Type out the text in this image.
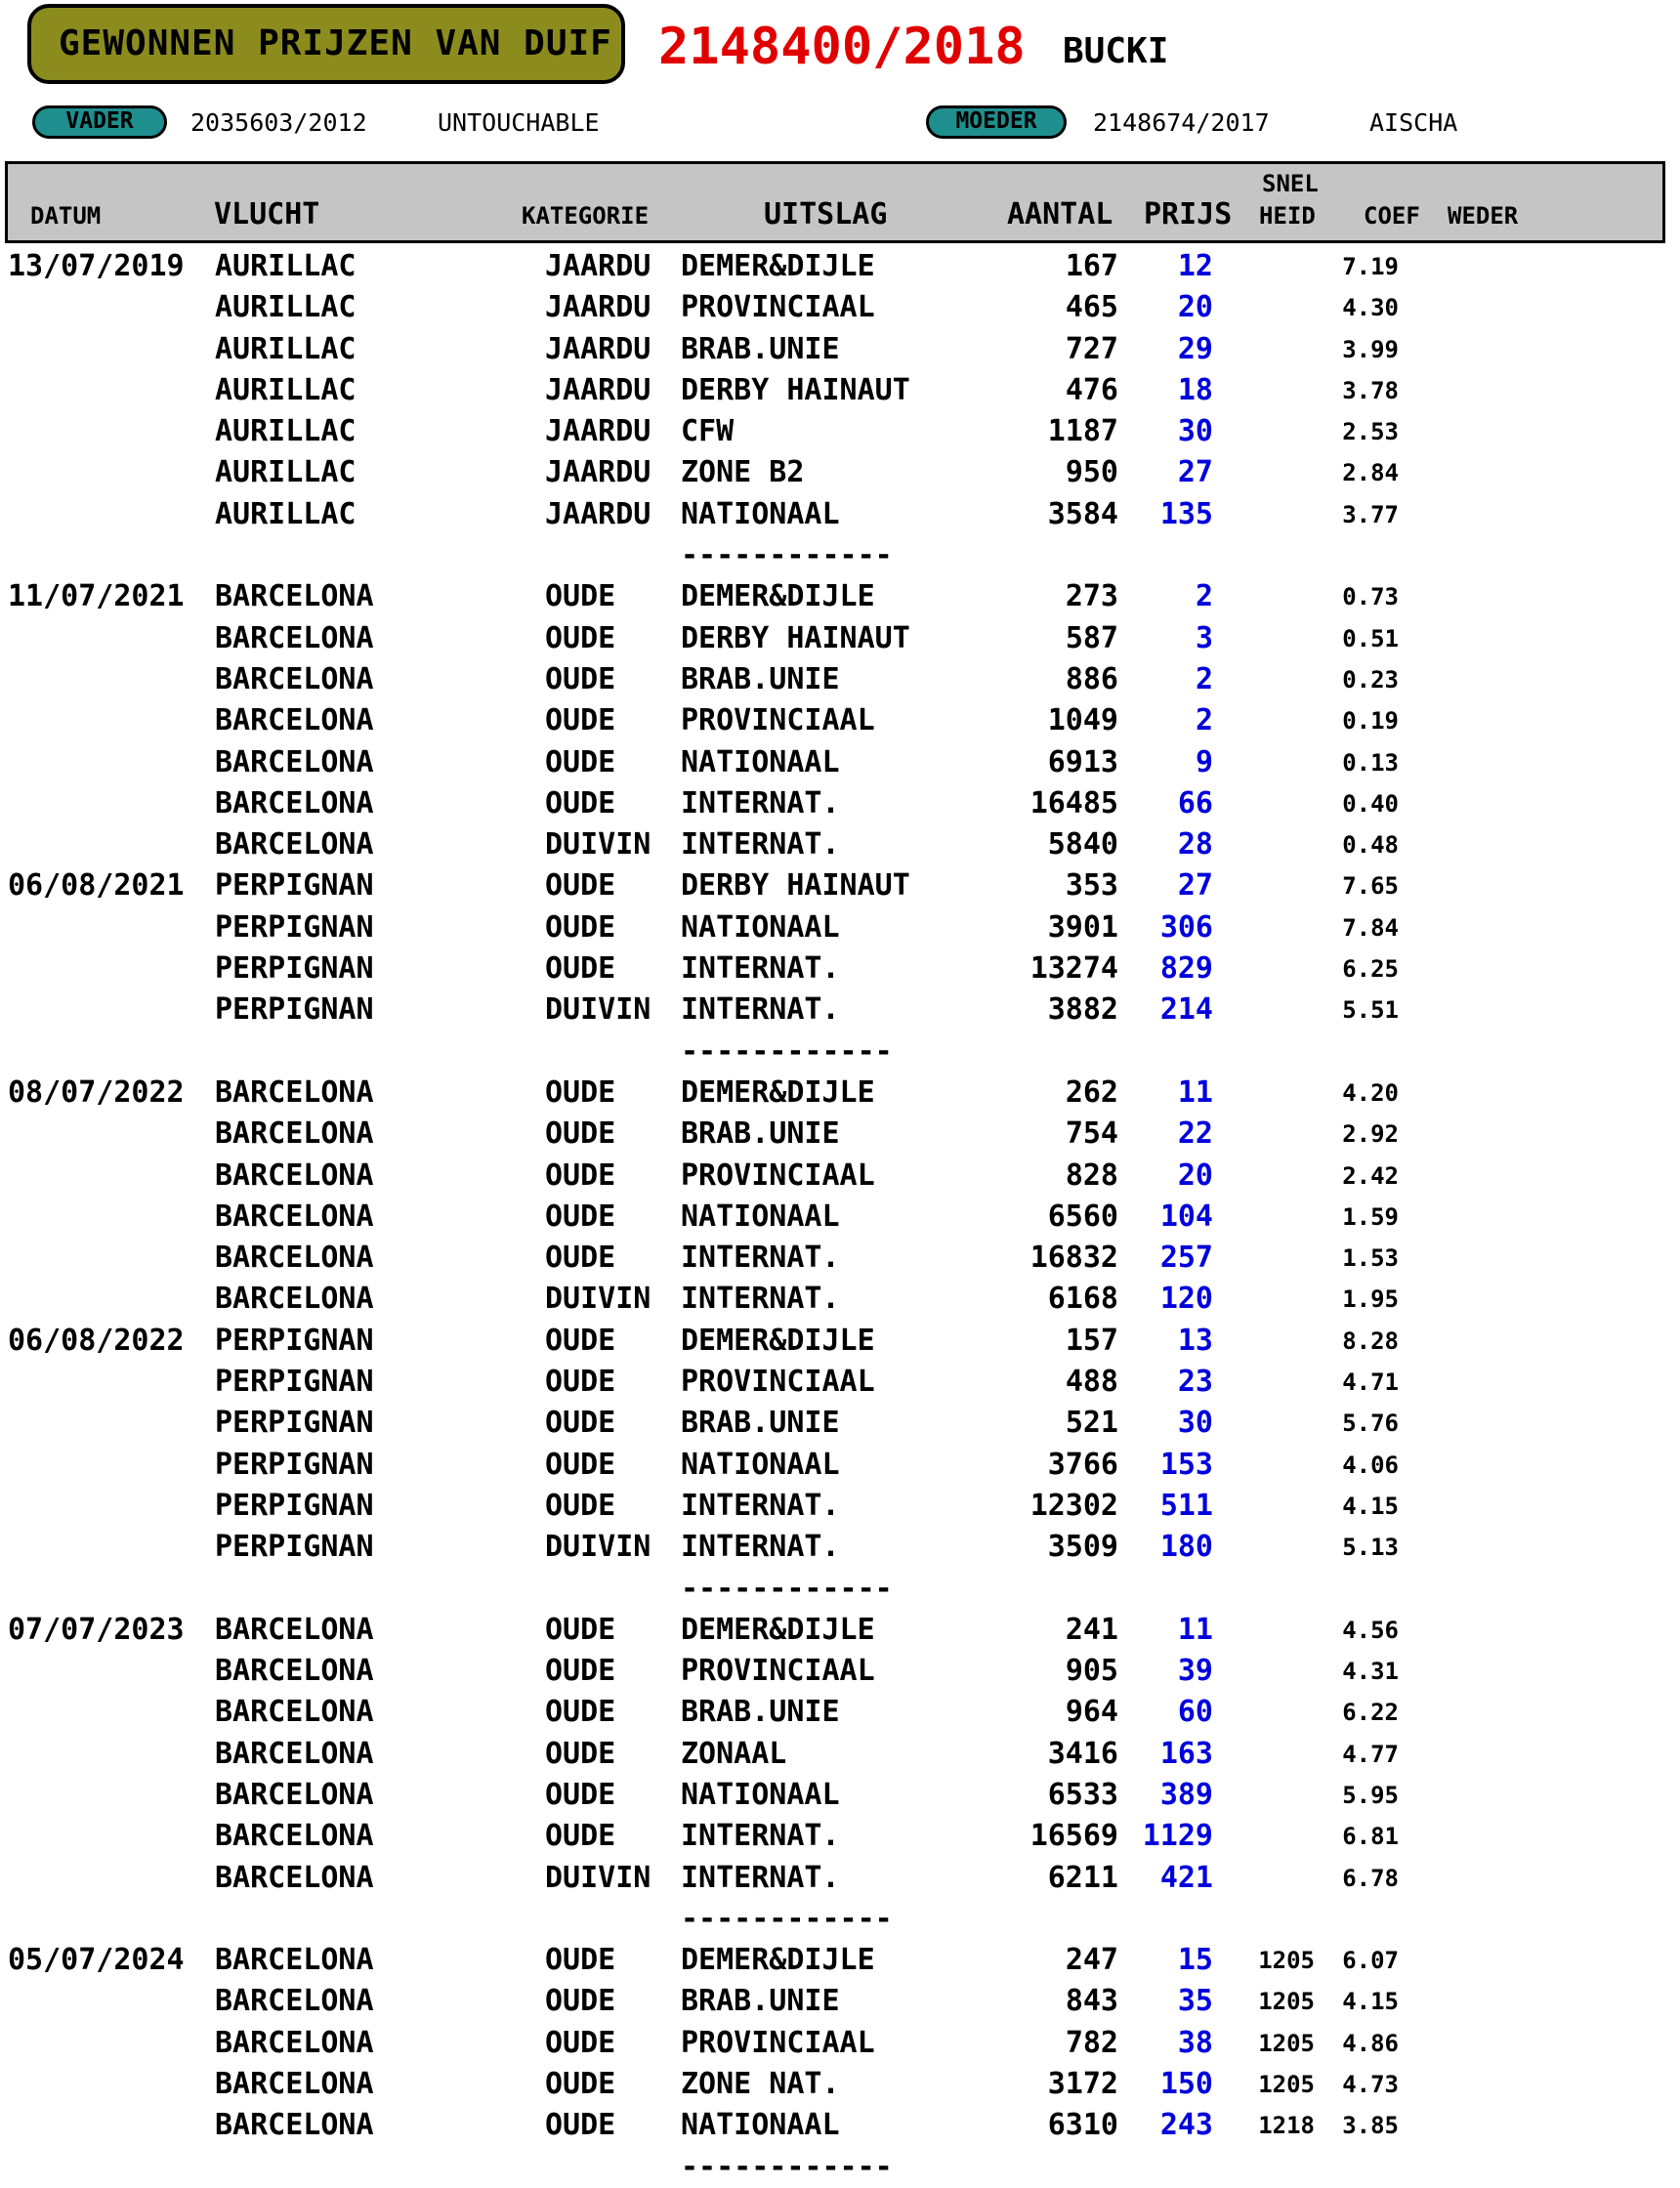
GEWONNEN PRIJZEN VAN DUIF 2148400/2018 BUCKI
VADER	2035603/2012	UNTOUCHABLE	MOEDER	2148674/2017	AISCHA
DATUM	VLUCHT	KATEGORIE	UITSLAG	AANTAL PRIJS
SNEL
HEID COEF WEDER
13/07/2019 AURILLAC	JAARDU DEMER&DIJLE	167	12	7.19
AURILLAC	JAARDU PROVINCIAAL	465	20	4.30
AURILLAC	JAARDU BRAB.UNIE	727	29	3.99
AURILLAC	JAARDU DERBY HAINAUT	476	18	3.78
AURILLAC	JAARDU CFW	1187	30	2.53
AURILLAC	JAARDU ZONE B2	950	27	2.84
AURILLAC	JAARDU NATIONAAL	3584	135	3.77
------------
11/07/2021 BARCELONA	OUDE DEMER&DIJLE	273	2	0.73
BARCELONA	OUDE DERBY HAINAUT	587	3	0.51
BARCELONA	OUDE BRAB.UNIE	886	2	0.23
BARCELONA	OUDE PROVINCIAAL	1049	2	0.19
BARCELONA	OUDE NATIONAAL	6913	9	0.13
BARCELONA	OUDE INTERNAT.	16485	66	0.40
BARCELONA	DUIVIN INTERNAT.	5840	28	0.48
06/08/2021 PERPIGNAN	OUDE DERBY HAINAUT	353	27	7.65
PERPIGNAN	OUDE NATIONAAL	3901	306	7.84
PERPIGNAN	OUDE INTERNAT.	13274	829	6.25
PERPIGNAN	DUIVIN INTERNAT.	3882	214	5.51
------------
08/07/2022 BARCELONA	OUDE DEMER&DIJLE	262	11	4.20
BARCELONA	OUDE BRAB.UNIE	754	22	2.92
BARCELONA	OUDE PROVINCIAAL	828	20	2.42
BARCELONA	OUDE NATIONAAL	6560	104	1.59
BARCELONA	OUDE INTERNAT.	16832	257	1.53
BARCELONA	DUIVIN INTERNAT.	6168	120	1.95
06/08/2022 PERPIGNAN	OUDE DEMER&DIJLE	157	13	8.28
PERPIGNAN	OUDE PROVINCIAAL	488	23	4.71
PERPIGNAN	OUDE BRAB.UNIE	521	30	5.76
PERPIGNAN	OUDE NATIONAAL	3766	153	4.06
PERPIGNAN	OUDE INTERNAT.	12302	511	4.15
PERPIGNAN	DUIVIN INTERNAT.	3509	180	5.13
------------
07/07/2023 BARCELONA	OUDE DEMER&DIJLE	241	11	4.56
BARCELONA	OUDE PROVINCIAAL	905	39	4.31
BARCELONA	OUDE BRAB.UNIE	964	60	6.22
BARCELONA	OUDE ZONAAL	3416	163	4.77
BARCELONA	OUDE NATIONAAL	6533	389	5.95
BARCELONA	OUDE INTERNAT.	16569 1129	6.81
BARCELONA	DUIVIN INTERNAT.	6211	421	6.78
------------
05/07/2024 BARCELONA	OUDE DEMER&DIJLE	247	15	1205	6.07
BARCELONA	OUDE BRAB.UNIE	843	35	1205	4.15
BARCELONA	OUDE PROVINCIAAL	782	38	1205	4.86
BARCELONA	OUDE ZONE NAT.	3172	150	1205	4.73
BARCELONA	OUDE NATIONAAL	6310	243	1218	3.85
------------
